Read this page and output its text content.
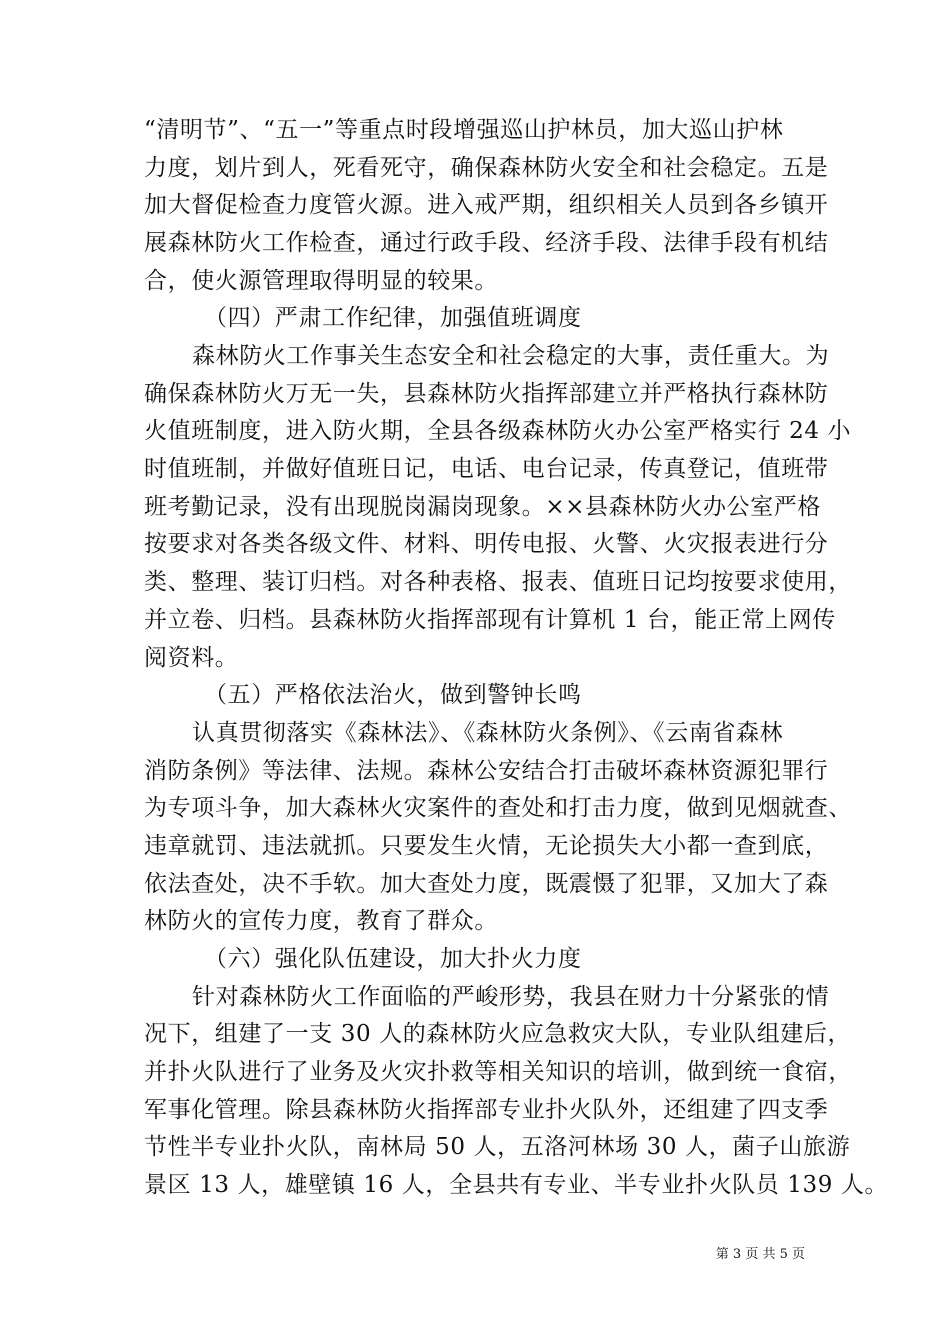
“清明节”、“五一”等重点时段增强巡山护林员，加大巡山护林
力度，划片到人，死看死守，确保森林防火安全和社会稳定。五是
加大督促检查力度管火源。进入戒严期，组织相关人员到各乡镇开
展森林防火工作检查，通过行政手段、经济手段、法律手段有机结
合，使火源管理取得明显的较果。
（四）严肃工作纪律，加强值班调度
森林防火工作事关生态安全和社会稳定的大事，责任重大。为
确保森林防火万无一失，县森林防火指挥部建立并严格执行森林防
火值班制度，进入防火期，全县各级森林防火办公室严格实行 24 小
时值班制，并做好值班日记，电话、电台记录，传真登记，值班带
班考勤记录，没有出现脱岗漏岗现象。××县森林防火办公室严格
按要求对各类各级文件、材料、明传电报、火警、火灾报表进行分
类、整理、装订归档。对各种表格、报表、值班日记均按要求使用，
并立卷、归档。县森林防火指挥部现有计算机 1 台，能正常上网传
阅资料。
（五）严格依法治火，做到警钟长鸣
认真贯彻落实《森林法》、《森林防火条例》、《云南省森林
消防条例》等法律、法规。森林公安结合打击破坏森林资源犯罪行
为专项斗争，加大森林火灾案件的查处和打击力度，做到见烟就查、
违章就罚、违法就抓。只要发生火情，无论损失大小都一查到底，
依法查处，决不手软。加大查处力度，既震慑了犯罪，又加大了森
林防火的宣传力度，教育了群众。
（六）强化队伍建设，加大扑火力度
针对森林防火工作面临的严峻形势，我县在财力十分紧张的情
况下，组建了一支 30 人的森林防火应急救灾大队，专业队组建后，
并扑火队进行了业务及火灾扑救等相关知识的培训，做到统一食宿，
军事化管理。除县森林防火指挥部专业扑火队外，还组建了四支季
节性半专业扑火队，南林局 50 人，五洛河林场 30 人，菌子山旅游
景区 13 人，雄壁镇 16 人，全县共有专业、半专业扑火队员 139 人。
第 3 页 共 5 页
